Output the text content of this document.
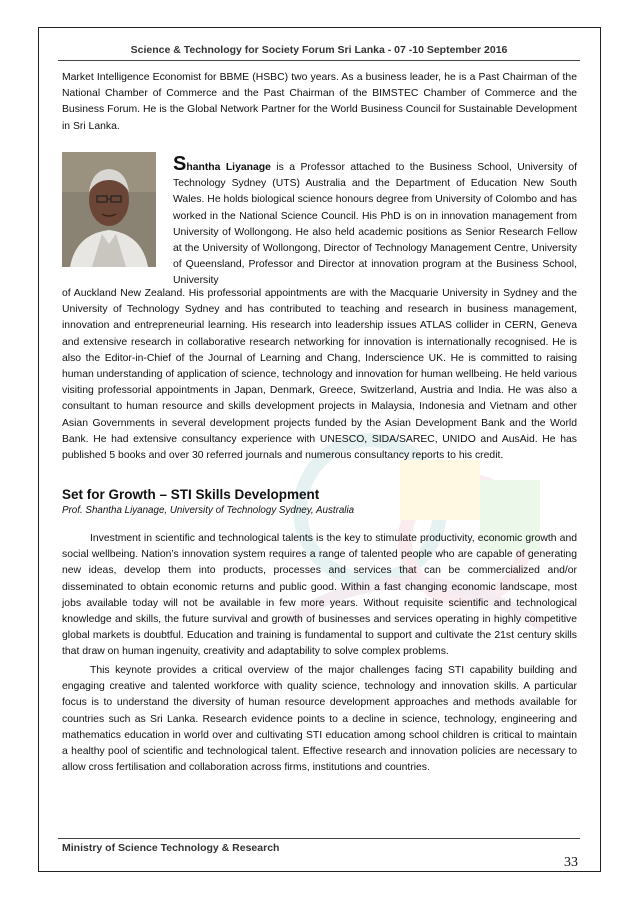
Science & Technology for Society Forum Sri Lanka - 07 -10 September 2016

Market Intelligence Economist for BBME (HSBC) two years. As a business leader, he is a Past Chairman of the National Chamber of Commerce and the Past Chairman of the BIMSTEC Chamber of Commerce and the Business Forum. He is the Global Network Partner for the World Business Council for Sustainable Development in Sri Lanka.

Shantha Liyanage is a Professor attached to the Business School, University of Technology Sydney (UTS) Australia and the Department of Education New South Wales. He holds biological science honours degree from University of Colombo and has worked in the National Science Council. His PhD is on in innovation management from University of Wollongong. He also held academic positions as Senior Research Fellow at the University of Wollongong, Director of Technology Management Centre, University of Queensland, Professor and Director at innovation program at the Business School, University

of Auckland New Zealand. His professorial appointments are with the Macquarie University in Sydney and the University of Technology Sydney and has contributed to teaching and research in business management, innovation and entrepreneurial learning. His research into leadership issues ATLAS collider in CERN, Geneva and extensive research in collaborative research networking for innovation is internationally recognised. He is also the Editor-in-Chief of the Journal of Learning and Chang, Inderscience UK. He is committed to raising human understanding of application of science, technology and innovation for human wellbeing. He held various visiting professorial appointments in Japan, Denmark, Greece, Switzerland, Austria and India. He was also a consultant to human resource and skills development projects in Malaysia, Indonesia and Vietnam and other Asian Governments in several development projects funded by the Asian Development Bank and the World Bank. He had extensive consultancy experience with UNESCO, SIDA/SAREC, UNIDO and AusAid. He has published 5 books and over 30 referred journals and numerous consultancy reports to his credit.

Set for Growth – STI Skills Development

Prof. Shantha Liyanage, University of Technology Sydney, Australia

Investment in scientific and technological talents is the key to stimulate productivity, economic growth and social wellbeing. Nation’s innovation system requires a range of talented people who are capable of generating new ideas, develop them into products, processes and services that can be commercialized and/or disseminated to obtain economic returns and public good. Within a fast changing economic landscape, most jobs available today will not be available in few more years. Without requisite scientific and technological knowledge and skills, the future survival and growth of businesses and services operating in highly competitive global markets is doubtful. Education and training is fundamental to support and cultivate the 21st century skills that draw on human ingenuity, creativity and adaptability to solve complex problems.

This keynote provides a critical overview of the major challenges facing STI capability building and engaging creative and talented workforce with quality science, technology and innovation skills. A particular focus is to understand the diversity of human resource development approaches and methods available for countries such as Sri Lanka. Research evidence points to a decline in science, technology, engineering and mathematics education in world over and cultivating STI education among school children is critical to maintain a healthy pool of scientific and technological talent. Effective research and innovation policies are necessary to allow cross fertilisation and collaboration across firms, institutions and countries.

Ministry of Science Technology & Research
33
